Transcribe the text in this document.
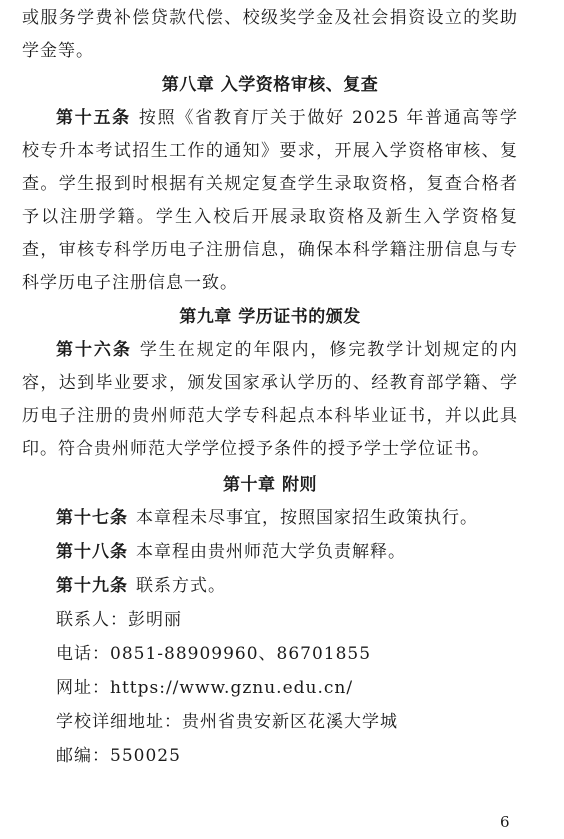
或服务学费补偿贷款代偿、校级奖学金及社会捐资设立的奖助学金等。

第八章 入学资格审核、复查

第十五条 按照《省教育厅关于做好 2025 年普通高等学校专升本考试招生工作的通知》要求，开展入学资格审核、复查。学生报到时根据有关规定复查学生录取资格，复查合格者予以注册学籍。学生入校后开展录取资格及新生入学资格复查，审核专科学历电子注册信息，确保本科学籍注册信息与专科学历电子注册信息一致。

第九章 学历证书的颁发

第十六条 学生在规定的年限内，修完教学计划规定的内容，达到毕业要求，颁发国家承认学历的、经教育部学籍、学历电子注册的贵州师范大学专科起点本科毕业证书，并以此具印。符合贵州师范大学学位授予条件的授予学士学位证书。

第十章 附则

第十七条 本章程未尽事宜，按照国家招生政策执行。

第十八条 本章程由贵州师范大学负责解释。

第十九条 联系方式。

联系人：彭明丽

电话：0851-88909960、86701855

网址：https://www.gznu.edu.cn/

学校详细地址：贵州省贵安新区花溪大学城

邮编：550025

6
